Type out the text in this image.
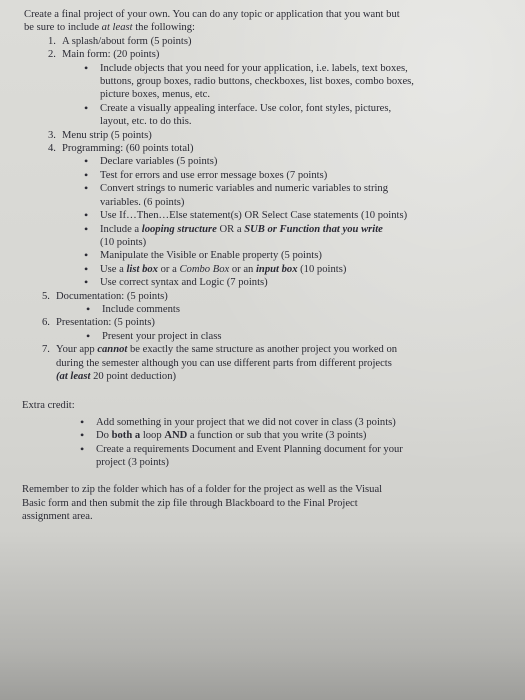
Create a final project of your own. You can do any topic or application that you want but
be sure to include at least the following:

1. A splash/about form (5 points)
2. Main form: (20 points)
• Include objects that you need for your application, i.e. labels, text boxes,
buttons, group boxes, radio buttons, checkboxes, list boxes, combo boxes,
picture boxes, menus, etc.
• Create a visually appealing interface. Use color, font styles, pictures,
layout, etc. to do this.
3. Menu strip (5 points)
4. Programming: (60 points total)
• Declare variables (5 points)
• Test for errors and use error message boxes (7 points)
• Convert strings to numeric variables and numeric variables to string
variables. (6 points)
• Use If…Then…Else statement(s) OR Select Case statements (10 points)
• Include a looping structure OR a SUB or Function that you write
(10 points)
• Manipulate the Visible or Enable property (5 points)
• Use a list box or a Combo Box or an input box (10 points)
• Use correct syntax and Logic (7 points)
5. Documentation: (5 points)
• Include comments
6. Presentation: (5 points)
• Present your project in class
7. Your app cannot be exactly the same structure as another project you worked on
during the semester although you can use different parts from different projects
(at least 20 point deduction)

Extra credit:

• Add something in your project that we did not cover in class (3 points)
• Do both a loop AND a function or sub that you write (3 points)
• Create a requirements Document and Event Planning document for your
project (3 points)

Remember to zip the folder which has of a folder for the project as well as the Visual
Basic form and then submit the zip file through Blackboard to the Final Project
assignment area.
